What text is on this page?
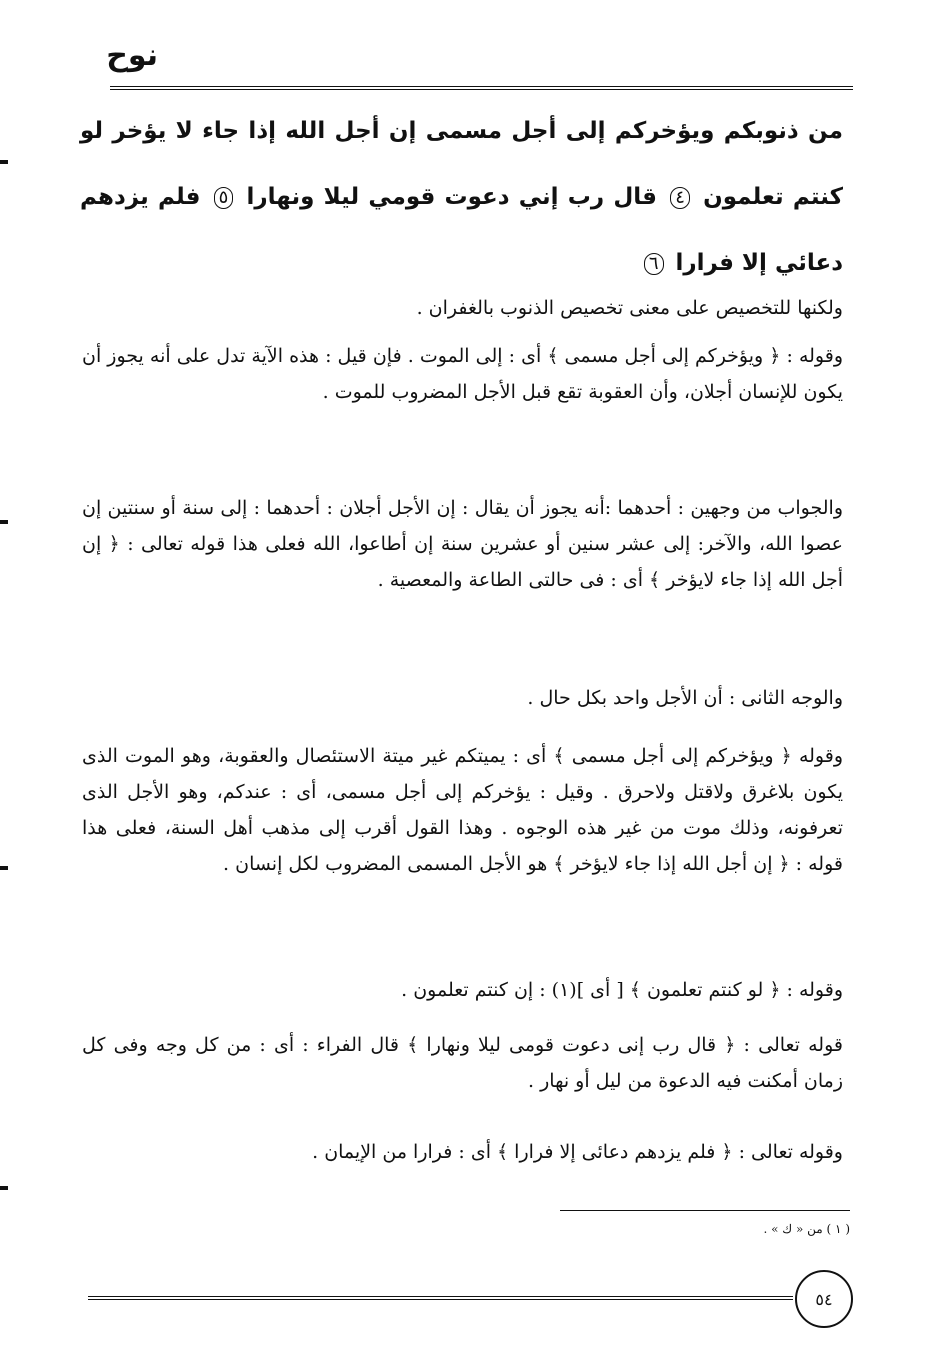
نوح
من ذنوبكم ويؤخركم إلى أجل مسمى إن أجل الله إذا جاء لا يؤخر لو كنتم تعلمون ٤ قال رب إني دعوت قومي ليلا ونهارا ٥ فلم يزدهم دعائي إلا فرارا ٦
ولكنها للتخصيص على معنى تخصيص الذنوب بالغفران .
وقوله : ﴿ ويؤخركم إلى أجل مسمى ﴾ أى : إلى الموت . فإن قيل : هذه الآية تدل على أنه يجوز أن يكون للإنسان أجلان، وأن العقوبة تقع قبل الأجل المضروب للموت .
والجواب من وجهين : أحدهما :أنه يجوز أن يقال : إن الأجل أجلان : أحدهما : إلى سنة أو سنتين إن عصوا الله، والآخر: إلى عشر سنين أو عشرين سنة إن أطاعوا، الله فعلى هذا قوله تعالى : ﴿ إن أجل الله إذا جاء لايؤخر ﴾ أى : فى حالتى الطاعة والمعصية .
والوجه الثانى : أن الأجل واحد بكل حال .
وقوله ﴿ ويؤخركم إلى أجل مسمى ﴾ أى : يميتكم غير ميتة الاستئصال والعقوبة، وهو الموت الذى يكون بلاغرق ولاقتل ولاحرق . وقيل : يؤخركم إلى أجل مسمى، أى : عندكم، وهو الأجل الذى تعرفونه، وذلك موت من غير هذه الوجوه . وهذا القول أقرب إلى مذهب أهل السنة، فعلى هذا قوله : ﴿ إن أجل الله إذا جاء لايؤخر ﴾ هو الأجل المسمى المضروب لكل إنسان .
وقوله : ﴿ لو كنتم تعلمون ﴾ [ أى ](١) : إن كنتم تعلمون .
قوله تعالى : ﴿ قال رب إنى دعوت قومى ليلا ونهارا ﴾ قال الفراء : أى : من كل وجه وفى كل زمان أمكنت فيه الدعوة من ليل أو نهار .
وقوله تعالى : ﴿ فلم يزدهم دعائى إلا فرارا ﴾ أى : فرارا من الإيمان .
( ١ ) من « ك » .
٥٤
